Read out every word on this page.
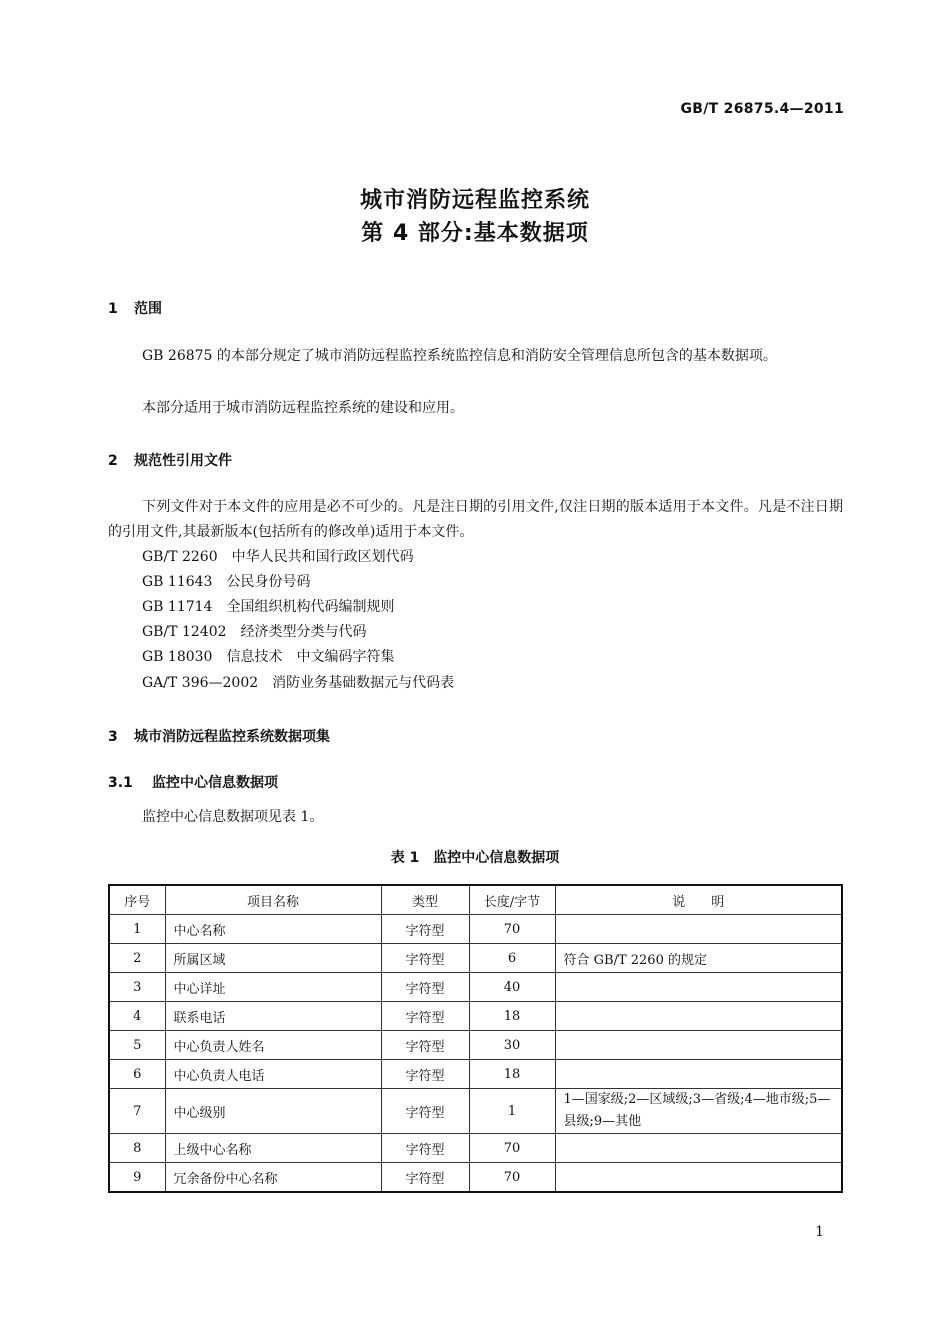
GB/T 26875.4—2011
城市消防远程监控系统
第 4 部分:基本数据项
1 范围
GB 26875 的本部分规定了城市消防远程监控系统监控信息和消防安全管理信息所包含的基本数据项。
本部分适用于城市消防远程监控系统的建设和应用。
2 规范性引用文件
下列文件对于本文件的应用是必不可少的。凡是注日期的引用文件,仅注日期的版本适用于本文件。凡是不注日期的引用文件,其最新版本(包括所有的修改单)适用于本文件。
GB/T 2260　中华人民共和国行政区划代码
GB 11643　公民身份号码
GB 11714　全国组织机构代码编制规则
GB/T 12402　经济类型分类与代码
GB 18030　信息技术　中文编码字符集
GA/T 396—2002　消防业务基础数据元与代码表
3 城市消防远程监控系统数据项集
3.1 监控中心信息数据项
监控中心信息数据项见表 1。
表 1　监控中心信息数据项
序号	项目名称	类型	长度/字节	说　　明
1	中心名称	字符型	70	
2	所属区域	字符型	6	符合 GB/T 2260 的规定
3	中心详址	字符型	40	
4	联系电话	字符型	18	
5	中心负责人姓名	字符型	30	
6	中心负责人电话	字符型	18	
7	中心级别	字符型	1	1—国家级;2—区域级;3—省级;4—地市级;5—县级;9—其他
8	上级中心名称	字符型	70	
9	冗余备份中心名称	字符型	70	
1
